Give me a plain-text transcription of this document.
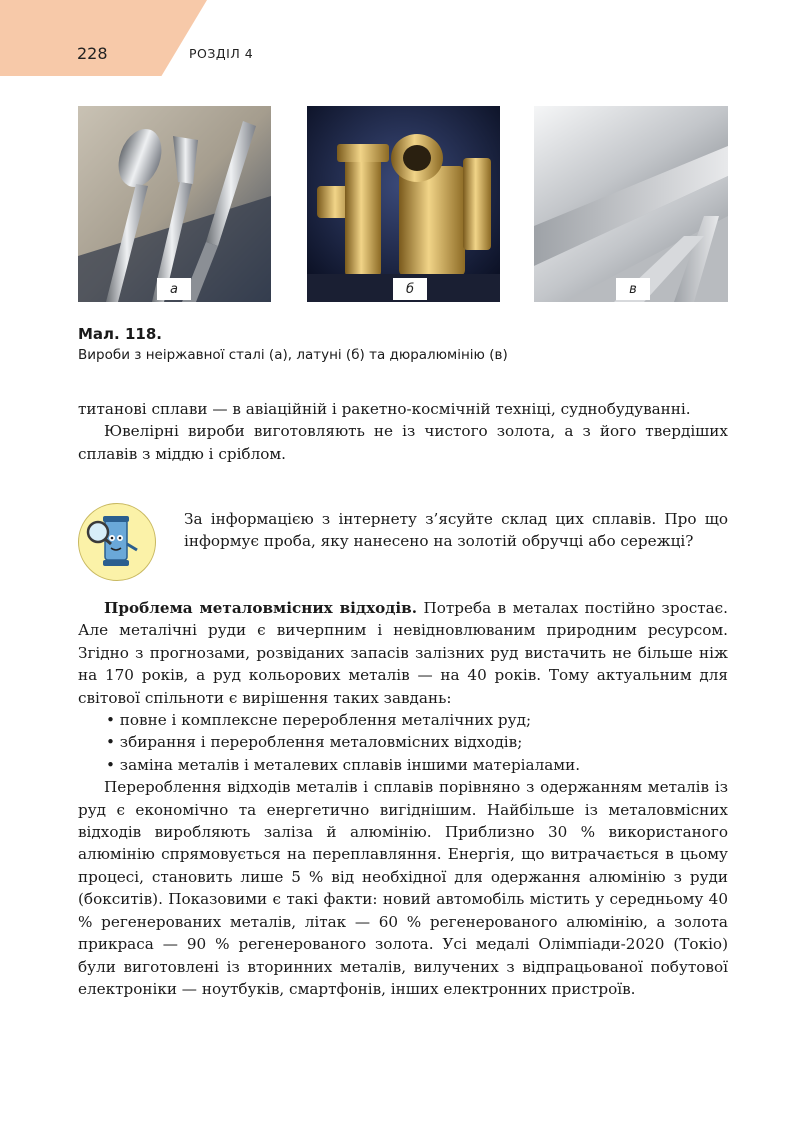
228	РОЗДІЛ 4
а	б	в
Мал. 118.
Вироби з неіржавної сталі (а), латуні (б) та дюралюмінію (в)

титанові сплави — в авіаційній і ракетно-космічній техніці, суднобудуванні.

Ювелірні вироби виготовляють не із чистого золота, а з його твердіших сплавів з міддю і сріблом.

За інформацією з інтернету з’ясуйте склад цих сплавів. Про що інформує проба, яку нанесено на золотій обручці або сережці?

Проблема металовмісних відходів. Потреба в металах постійно зростає. Але металічні руди є вичерпним і невідновлюваним природним ресурсом. Згідно з прогнозами, розвіданих запасів залізних руд вистачить не більше ніж на 170 років, а руд кольорових металів — на 40 років. Тому актуальним для світової спільноти є вирішення таких завдань:

• повне і комплексне перероблення металічних руд;

• збирання і перероблення металовмісних відходів;

• заміна металів і металевих сплавів іншими матеріалами.

Перероблення відходів металів і сплавів порівняно з одержанням металів із руд є економічно та енергетично вигіднішим. Найбільше із металовмісних відходів виробляють заліза й алюмінію. Приблизно 30 % використаного алюмінію спрямовується на переплавляння. Енергія, що витрачається в цьому процесі, становить лише 5 % від необхідної для одержання алюмінію з руди (бокситів). Показовими є такі факти: новий автомобіль містить у середньому 40 % регенерованих металів, літак — 60 % регенерованого алюмінію, а золота прикраса — 90 % регенерованого золота. Усі медалі Олімпіади-2020 (Токіо) були виготовлені із вторинних металів, вилучених з відпрацьованої побутової електроніки — ноутбуків, смартфонів, інших електронних пристроїв.
